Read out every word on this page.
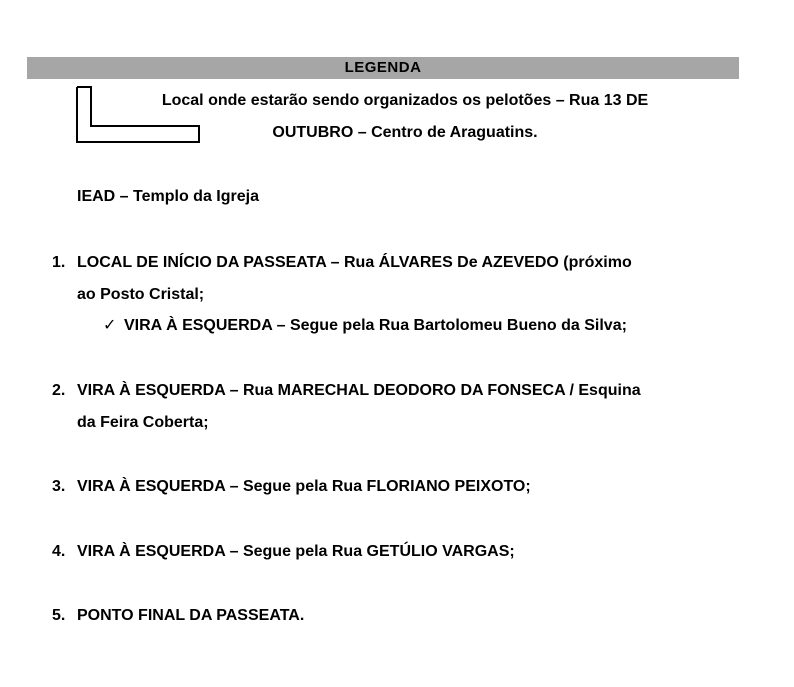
LEGENDA
Local onde estarão sendo organizados os pelotões – Rua 13 DE
OUTUBRO – Centro de Araguatins.
IEAD – Templo da Igreja
1. LOCAL DE INÍCIO DA PASSEATA – Rua ÁLVARES De AZEVEDO (próximo
ao Posto Cristal;
✓ VIRA À ESQUERDA – Segue pela Rua Bartolomeu Bueno da Silva;
2. VIRA À ESQUERDA – Rua MARECHAL DEODORO DA FONSECA / Esquina
da Feira Coberta;
3. VIRA À ESQUERDA – Segue pela Rua FLORIANO PEIXOTO;
4. VIRA À ESQUERDA – Segue pela Rua GETÚLIO VARGAS;
5. PONTO FINAL DA PASSEATA.
